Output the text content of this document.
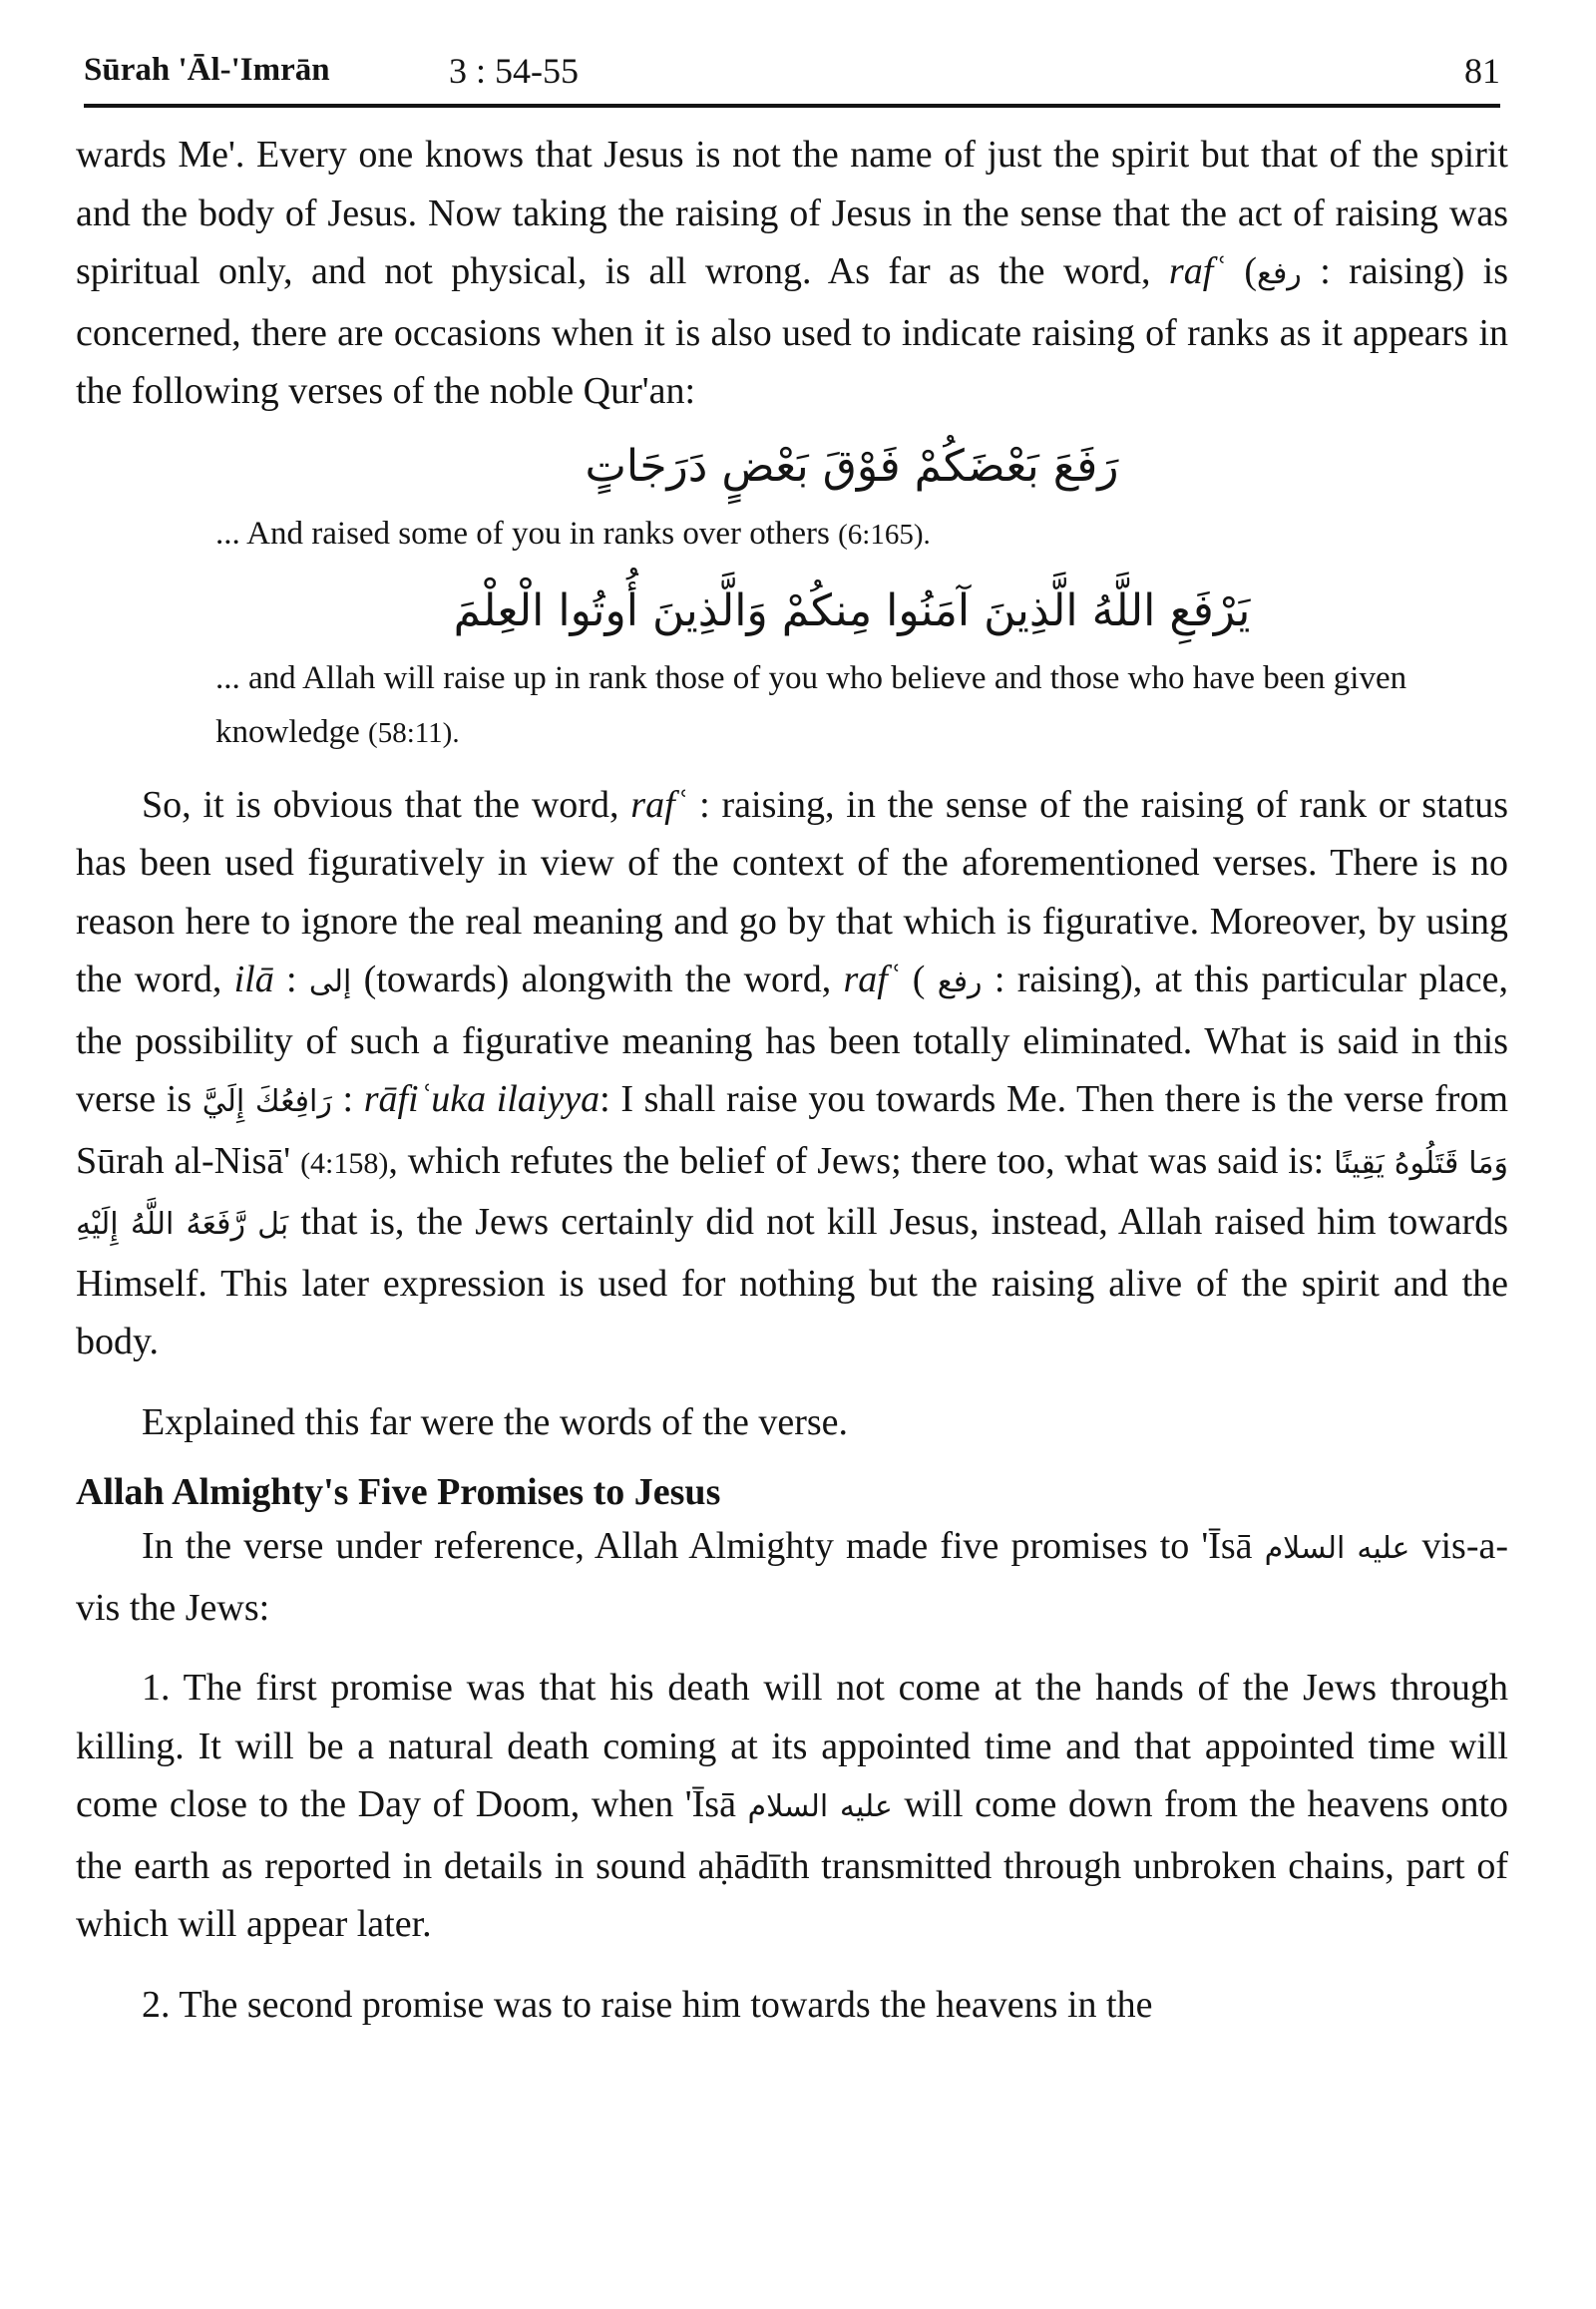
Sūrah 'Āl-'Imrān	3 : 54-55	81

wards Me'. Every one knows that Jesus is not the name of just the spirit but that of the spirit and the body of Jesus. Now taking the raising of Jesus in the sense that the act of raising was spiritual only, and not physical, is all wrong. As far as the word, rafʿ (رفع : raising) is concerned, there are occasions when it is also used to indicate raising of ranks as it appears in the following verses of the noble Qur'an:

رَفَعَ بَعْضَكُمْ فَوْقَ بَعْضٍ دَرَجَاتٍ

... And raised some of you in ranks over others (6:165).

يَرْفَعِ اللَّهُ الَّذِينَ آمَنُوا مِنكُمْ وَالَّذِينَ أُوتُوا الْعِلْمَ

... and Allah will raise up in rank those of you who believe and those who have been given knowledge (58:11).

So, it is obvious that the word, rafʿ : raising, in the sense of the raising of rank or status has been used figuratively in view of the context of the aforementioned verses. There is no reason here to ignore the real meaning and go by that which is figurative. Moreover, by using the word, ilā : إلى (towards) alongwith the word, rafʿ ( رفع : raising), at this particular place, the possibility of such a figurative meaning has been totally eliminated. What is said in this verse is رَافِعُكَ إِلَيَّ : rāfiʿuka ilaiyya: I shall raise you towards Me. Then there is the verse from Sūrah al-Nisā' (4:158), which refutes the belief of Jews; there too, what was said is: وَمَا قَتَلُوهُ يَقِينًا بَل رَّفَعَهُ اللَّهُ إِلَيْهِ that is, the Jews certainly did not kill Jesus, instead, Allah raised him towards Himself. This later expression is used for nothing but the raising alive of the spirit and the body.

Explained this far were the words of the verse.

Allah Almighty's Five Promises to Jesus

In the verse under reference, Allah Almighty made five promises to 'Īsā عليه السلام vis-a-vis the Jews:

1. The first promise was that his death will not come at the hands of the Jews through killing. It will be a natural death coming at its appointed time and that appointed time will come close to the Day of Doom, when 'Īsā عليه السلام will come down from the heavens onto the earth as reported in details in sound aḥādīth transmitted through unbroken chains, part of which will appear later.

2. The second promise was to raise him towards the heavens in the
